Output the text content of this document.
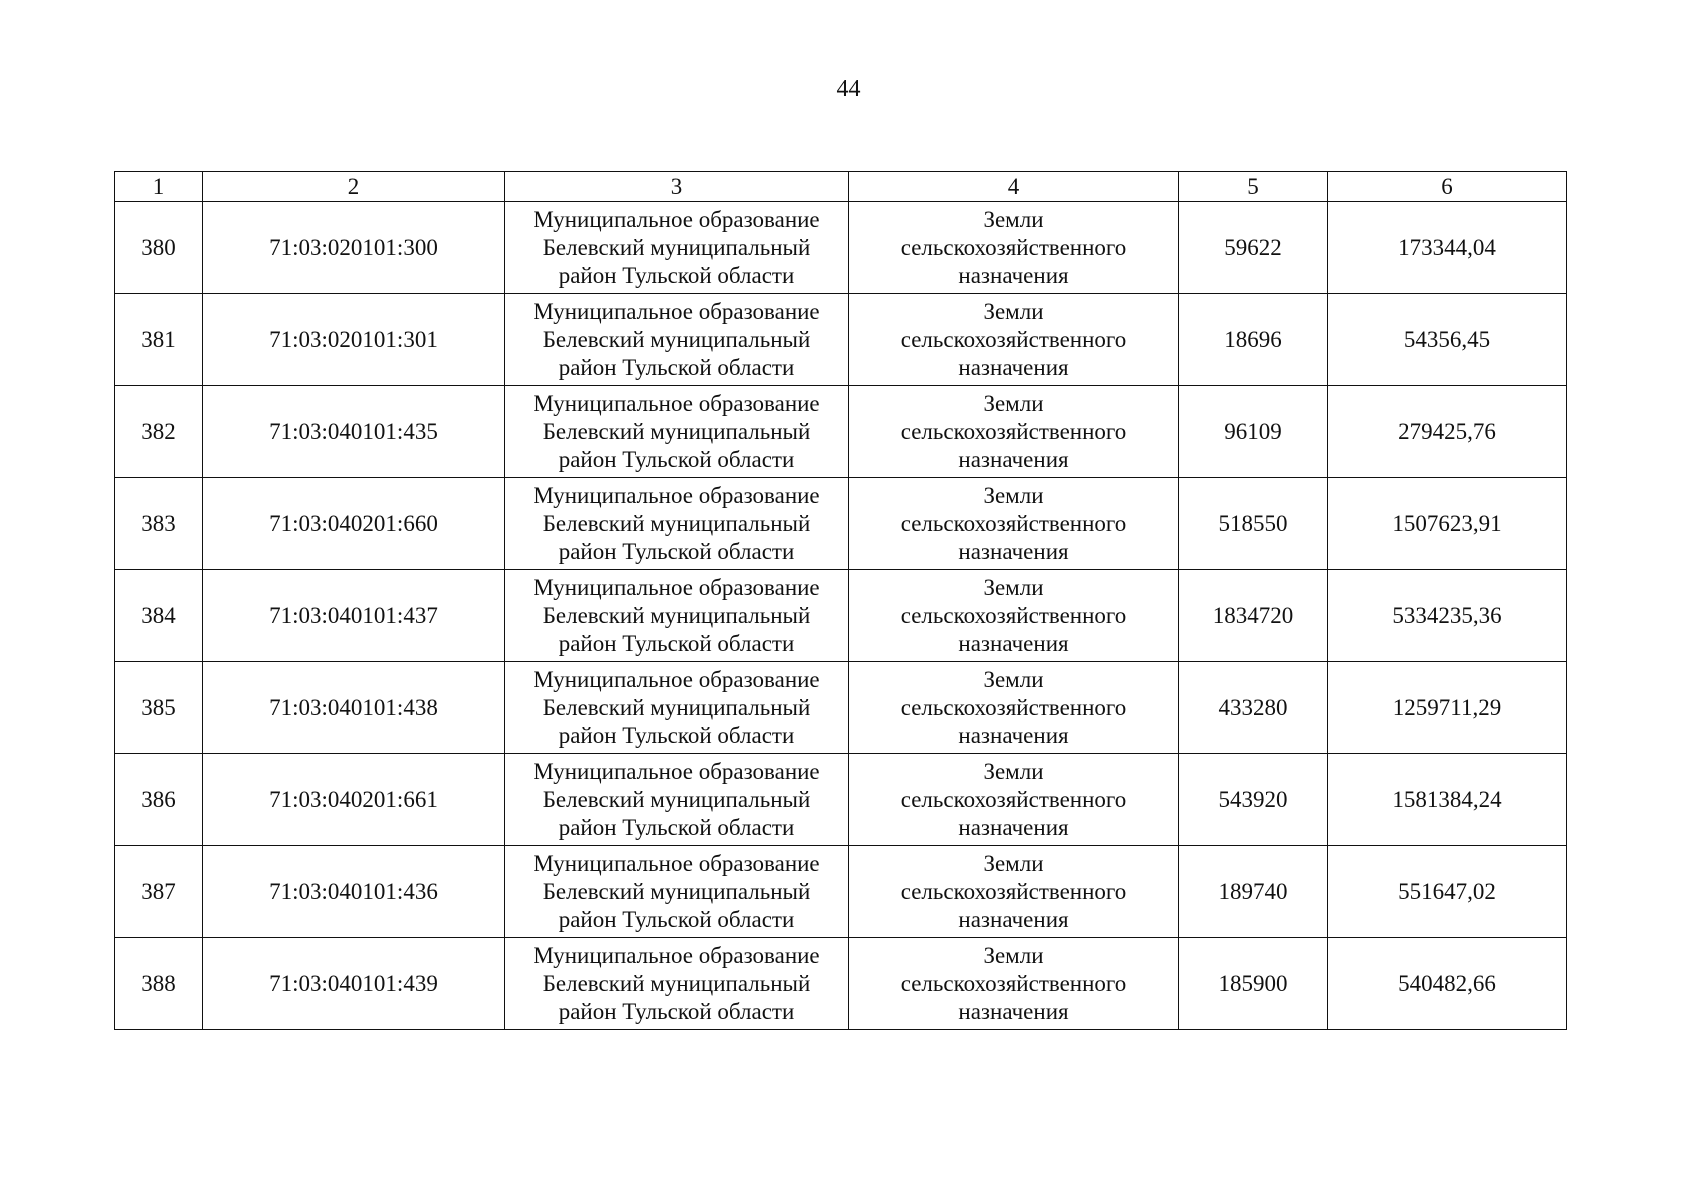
44
1	2	3	4	5	6
380	71:03:020101:300	Муниципальное образование
Белевский муниципальный
район Тульской области	Земли
сельскохозяйственного
назначения	59622	173344,04
381	71:03:020101:301	Муниципальное образование
Белевский муниципальный
район Тульской области	Земли
сельскохозяйственного
назначения	18696	54356,45
382	71:03:040101:435	Муниципальное образование
Белевский муниципальный
район Тульской области	Земли
сельскохозяйственного
назначения	96109	279425,76
383	71:03:040201:660	Муниципальное образование
Белевский муниципальный
район Тульской области	Земли
сельскохозяйственного
назначения	518550	1507623,91
384	71:03:040101:437	Муниципальное образование
Белевский муниципальный
район Тульской области	Земли
сельскохозяйственного
назначения	1834720	5334235,36
385	71:03:040101:438	Муниципальное образование
Белевский муниципальный
район Тульской области	Земли
сельскохозяйственного
назначения	433280	1259711,29
386	71:03:040201:661	Муниципальное образование
Белевский муниципальный
район Тульской области	Земли
сельскохозяйственного
назначения	543920	1581384,24
387	71:03:040101:436	Муниципальное образование
Белевский муниципальный
район Тульской области	Земли
сельскохозяйственного
назначения	189740	551647,02
388	71:03:040101:439	Муниципальное образование
Белевский муниципальный
район Тульской области	Земли
сельскохозяйственного
назначения	185900	540482,66
